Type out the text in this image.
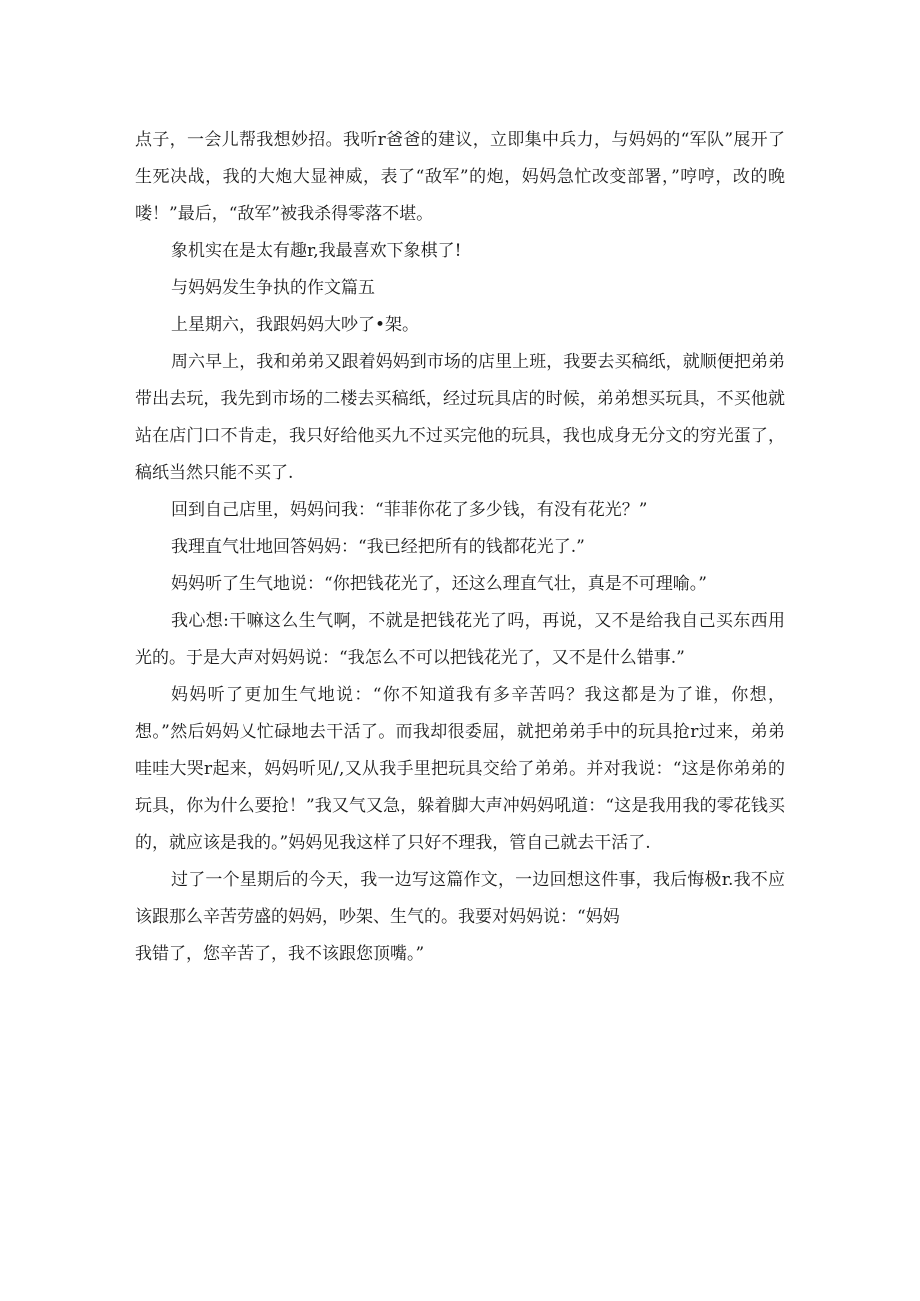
点子，一会儿帮我想妙招。我听r爸爸的建议，立即集中兵力，与妈妈的“军队”展开了生死决战，我的大炮大显神威，表了“敌军”的炮，妈妈急忙改变部署，”哼哼，改的晚喽！”最后，“敌军”被我杀得零落不堪。

象机实在是太有趣r,我最喜欢下象棋了!

与妈妈发生争执的作文篇五

上星期六，我跟妈妈大吵了•架。

周六早上，我和弟弟又跟着妈妈到市场的店里上班，我要去买稿纸，就顺便把弟弟带出去玩，我先到市场的二楼去买稿纸，经过玩具店的时候，弟弟想买玩具，不买他就站在店门口不肯走，我只好给他买九不过买完他的玩具，我也成身无分文的穷光蛋了，稿纸当然只能不买了.

回到自己店里，妈妈问我：“菲菲你花了多少钱，有没有花光？”

我理直气壮地回答妈妈：“我已经把所有的钱都花光了.”

妈妈听了生气地说：“你把钱花光了，还这么理直气壮，真是不可理喻。”

我心想:干嘛这么生气啊，不就是把钱花光了吗，再说，又不是给我自己买东西用光的。于是大声对妈妈说：“我怎么不可以把钱花光了，又不是什么错事.”

妈妈听了更加生气地说：“你不知道我有多辛苦吗？我这都是为了谁，你想，想。”然后妈妈乂忙碌地去干活了。而我却很委屈，就把弟弟手中的玩具抢r过来，弟弟哇哇大哭r起来，妈妈听见/,又从我手里把玩具交给了弟弟。并对我说：“这是你弟弟的玩具，你为什么要抢！”我又气又急，躲着脚大声冲妈妈吼道：“这是我用我的零花钱买的，就应该是我的。”妈妈见我这样了只好不理我，管自己就去干活了.

过了一个星期后的今天，我一边写这篇作文，一边回想这件事，我后悔极r.我不应该跟那么辛苦劳盛的妈妈，吵架、生气的。我要对妈妈说：“妈妈
我错了，您辛苦了，我不该跟您顶嘴。”
